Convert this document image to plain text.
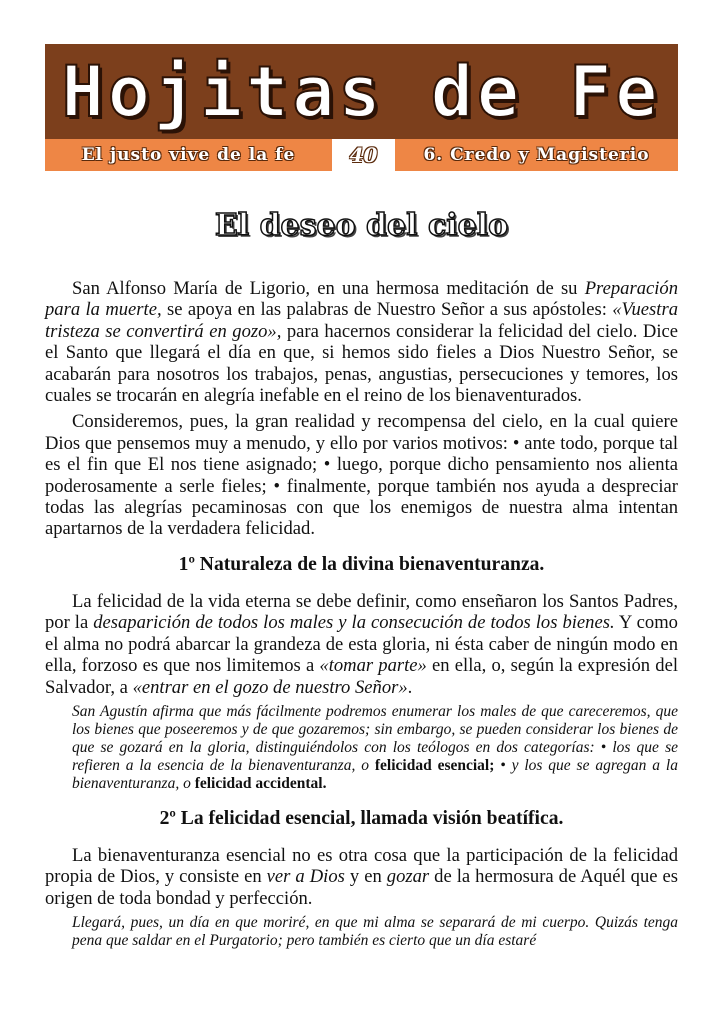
Hojitas de Fe
El justo vive de la fe	40	6. Credo y Magisterio
El deseo del cielo

San Alfonso María de Ligorio, en una hermosa meditación de su Preparación para la muerte, se apoya en las palabras de Nuestro Señor a sus apóstoles: «Vuestra tristeza se convertirá en gozo», para hacernos considerar la felicidad del cielo. Dice el Santo que llegará el día en que, si hemos sido fieles a Dios Nuestro Señor, se acabarán para nosotros los trabajos, penas, angustias, persecuciones y temores, los cuales se trocarán en alegría inefable en el reino de los bienaventurados.

Consideremos, pues, la gran realidad y recompensa del cielo, en la cual quiere Dios que pensemos muy a menudo, y ello por varios motivos: • ante todo, porque tal es el fin que El nos tiene asignado; • luego, porque dicho pensamiento nos alienta poderosamente a serle fieles; • finalmente, porque también nos ayuda a despreciar todas las alegrías pecaminosas con que los enemigos de nuestra alma intentan apartarnos de la verdadera felicidad.

1º Naturaleza de la divina bienaventuranza.

La felicidad de la vida eterna se debe definir, como enseñaron los Santos Padres, por la desaparición de todos los males y la consecución de todos los bienes. Y como el alma no podrá abarcar la grandeza de esta gloria, ni ésta caber de ningún modo en ella, forzoso es que nos limitemos a «tomar parte» en ella, o, según la expresión del Salvador, a «entrar en el gozo de nuestro Señor».

San Agustín afirma que más fácilmente podremos enumerar los males de que careceremos, que los bienes que poseeremos y de que gozaremos; sin embargo, se pueden considerar los bienes de que se gozará en la gloria, distinguiéndolos con los teólogos en dos categorías: • los que se refieren a la esencia de la bienaventuranza, o felicidad esencial; • y los que se agregan a la bienaventuranza, o felicidad accidental.

2º La felicidad esencial, llamada visión beatífica.

La bienaventuranza esencial no es otra cosa que la participación de la felicidad propia de Dios, y consiste en ver a Dios y en gozar de la hermosura de Aquél que es origen de toda bondad y perfección.

Llegará, pues, un día en que moriré, en que mi alma se separará de mi cuerpo. Quizás tenga pena que saldar en el Purgatorio; pero también es cierto que un día estaré
